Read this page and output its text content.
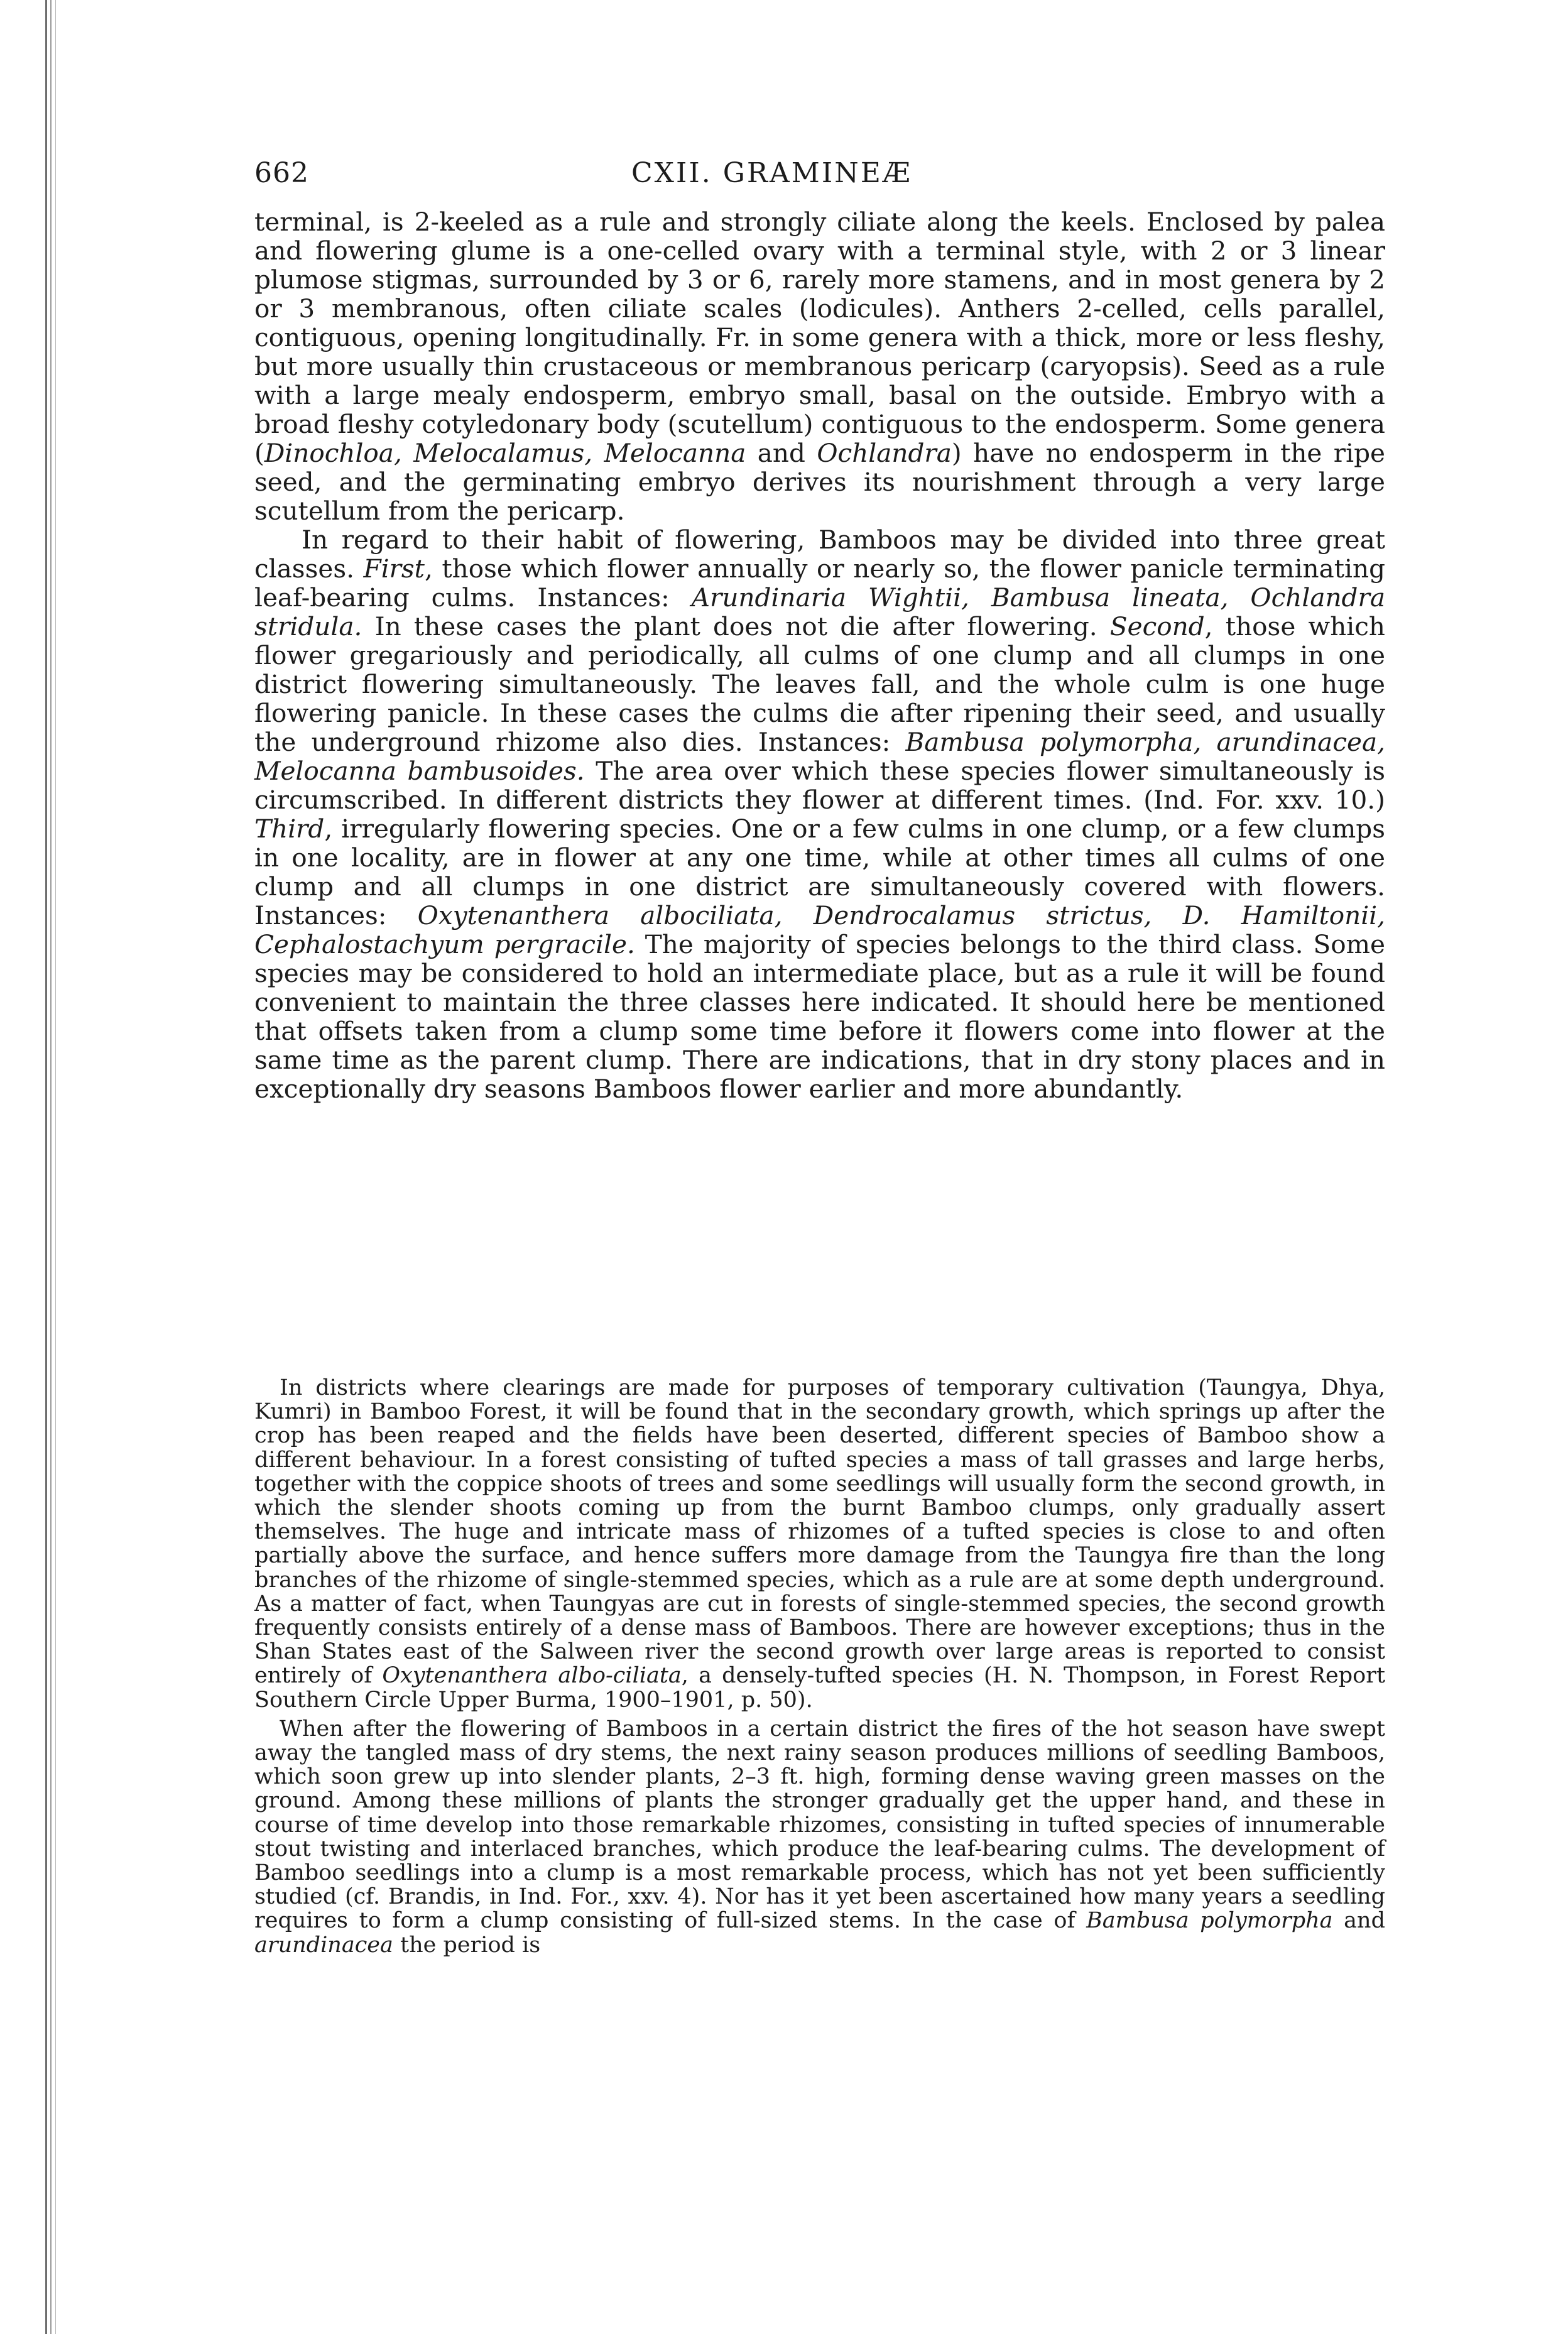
662	CXII. GRAMINEÆ

terminal, is 2-keeled as a rule and strongly ciliate along the keels. Enclosed by palea and flowering glume is a one-celled ovary with a terminal style, with 2 or 3 linear plumose stigmas, surrounded by 3 or 6, rarely more stamens, and in most genera by 2 or 3 membranous, often ciliate scales (lodicules). Anthers 2-celled, cells parallel, contiguous, opening longitudinally. Fr. in some genera with a thick, more or less fleshy, but more usually thin crustaceous or membranous pericarp (caryopsis). Seed as a rule with a large mealy endosperm, embryo small, basal on the outside. Embryo with a broad fleshy cotyledonary body (scutellum) contiguous to the endosperm. Some genera (Dinochloa, Melocalamus, Melocanna and Ochlandra) have no endosperm in the ripe seed, and the germinating embryo derives its nourishment through a very large scutellum from the pericarp.

In regard to their habit of flowering, Bamboos may be divided into three great classes. First, those which flower annually or nearly so, the flower panicle terminating leaf-bearing culms. Instances: Arundinaria Wightii, Bambusa lineata, Ochlandra stridula. In these cases the plant does not die after flowering. Second, those which flower gregariously and periodically, all culms of one clump and all clumps in one district flowering simultaneously. The leaves fall, and the whole culm is one huge flowering panicle. In these cases the culms die after ripening their seed, and usually the underground rhizome also dies. Instances: Bambusa polymorpha, arundinacea, Melocanna bambusoides. The area over which these species flower simultaneously is circumscribed. In different districts they flower at different times. (Ind. For. xxv. 10.) Third, irregularly flowering species. One or a few culms in one clump, or a few clumps in one locality, are in flower at any one time, while at other times all culms of one clump and all clumps in one district are simultaneously covered with flowers. Instances: Oxytenanthera albociliata, Dendrocalamus strictus, D. Hamiltonii, Cephalostachyum pergracile. The majority of species belongs to the third class. Some species may be considered to hold an intermediate place, but as a rule it will be found convenient to maintain the three classes here indicated. It should here be mentioned that offsets taken from a clump some time before it flowers come into flower at the same time as the parent clump. There are indications, that in dry stony places and in exceptionally dry seasons Bamboos flower earlier and more abundantly.

In districts where clearings are made for purposes of temporary cultivation (Taungya, Dhya, Kumri) in Bamboo Forest, it will be found that in the secondary growth, which springs up after the crop has been reaped and the fields have been deserted, different species of Bamboo show a different behaviour. In a forest consisting of tufted species a mass of tall grasses and large herbs, together with the coppice shoots of trees and some seedlings will usually form the second growth, in which the slender shoots coming up from the burnt Bamboo clumps, only gradually assert themselves. The huge and intricate mass of rhizomes of a tufted species is close to and often partially above the surface, and hence suffers more damage from the Taungya fire than the long branches of the rhizome of single-stemmed species, which as a rule are at some depth underground. As a matter of fact, when Taungyas are cut in forests of single-stemmed species, the second growth frequently consists entirely of a dense mass of Bamboos. There are however exceptions; thus in the Shan States east of the Salween river the second growth over large areas is reported to consist entirely of Oxytenanthera albo-ciliata, a densely-tufted species (H. N. Thompson, in Forest Report Southern Circle Upper Burma, 1900–1901, p. 50).

When after the flowering of Bamboos in a certain district the fires of the hot season have swept away the tangled mass of dry stems, the next rainy season produces millions of seedling Bamboos, which soon grew up into slender plants, 2–3 ft. high, forming dense waving green masses on the ground. Among these millions of plants the stronger gradually get the upper hand, and these in course of time develop into those remarkable rhizomes, consisting in tufted species of innumerable stout twisting and interlaced branches, which produce the leaf-bearing culms. The development of Bamboo seedlings into a clump is a most remarkable process, which has not yet been sufficiently studied (cf. Brandis, in Ind. For., xxv. 4). Nor has it yet been ascertained how many years a seedling requires to form a clump consisting of full-sized stems. In the case of Bambusa polymorpha and arundinacea the period is
